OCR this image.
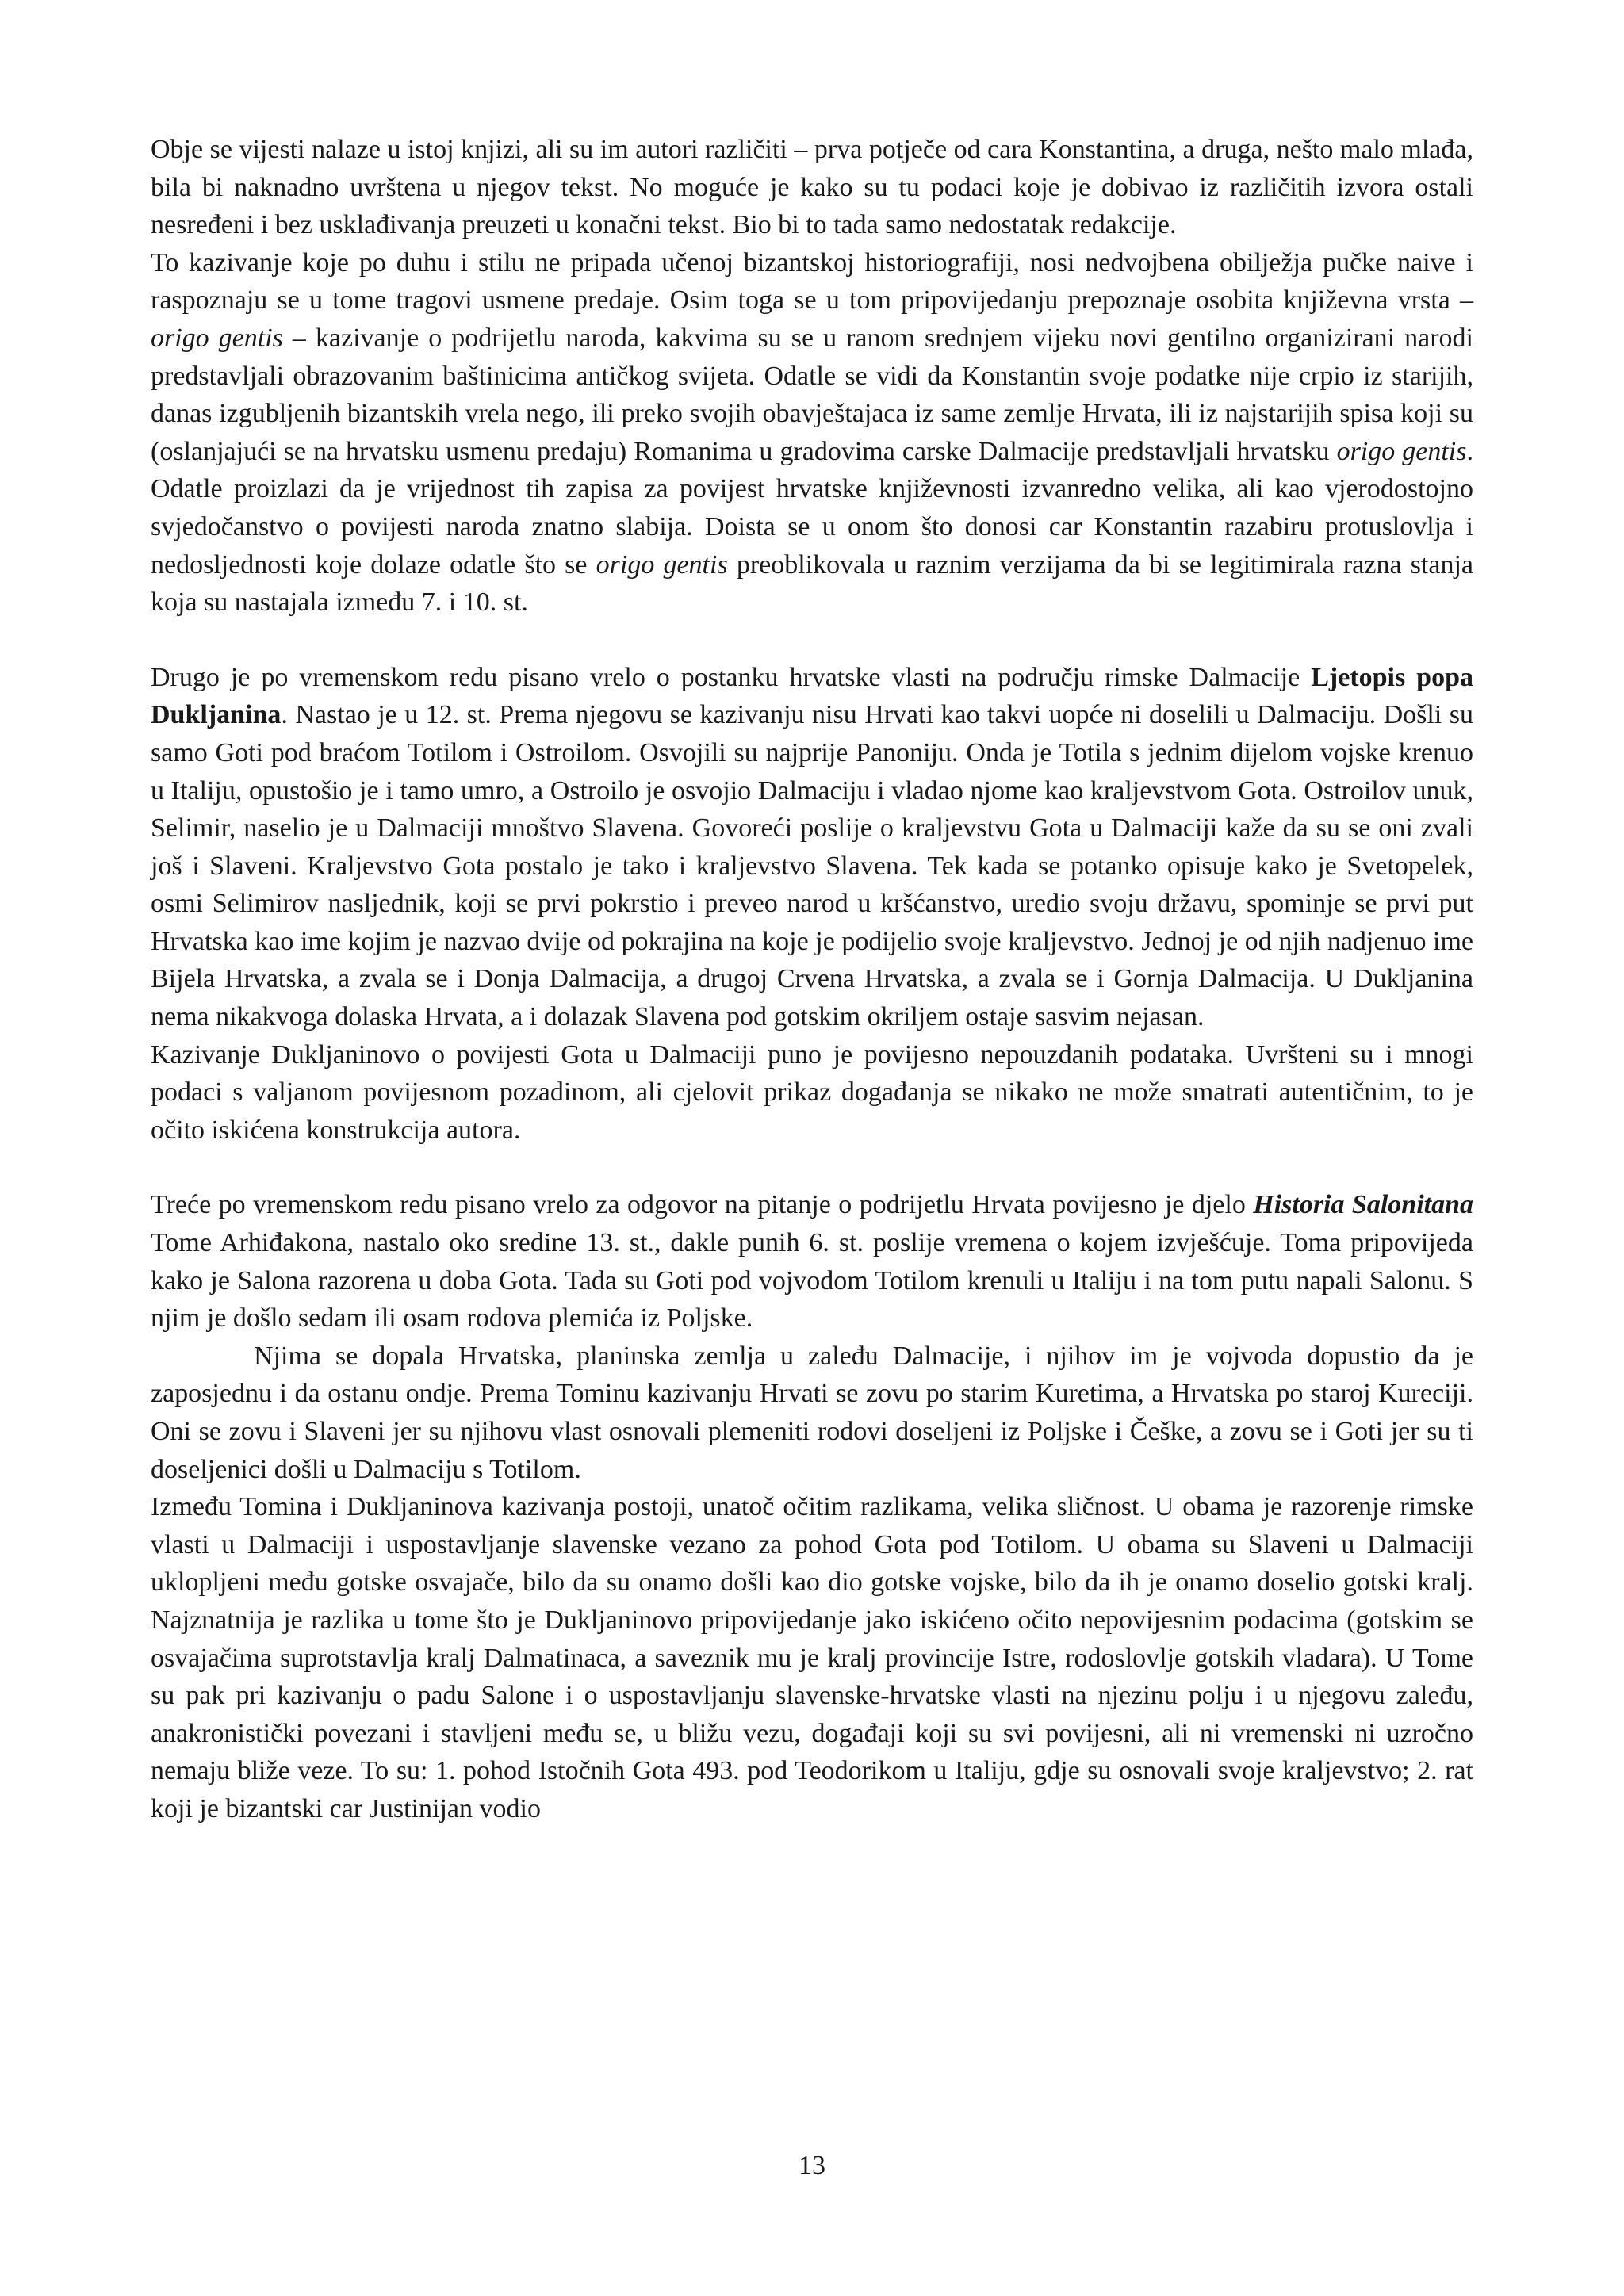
Obje se vijesti nalaze u istoj knjizi, ali su im autori različiti – prva potječe od cara Konstantina, a druga, nešto malo mlađa, bila bi naknadno uvrštena u njegov tekst. No moguće je kako su tu podaci koje je dobivao iz različitih izvora ostali nesređeni i bez usklađivanja preuzeti u konačni tekst. Bio bi to tada samo nedostatak redakcije.

To kazivanje koje po duhu i stilu ne pripada učenoj bizantskoj historiografiji, nosi nedvojbena obilježja pučke naive i raspoznaju se u tome tragovi usmene predaje. Osim toga se u tom pripovijedanju prepoznaje osobita književna vrsta – origo gentis – kazivanje o podrijetlu naroda, kakvima su se u ranom srednjem vijeku novi gentilno organizirani narodi predstavljali obrazovanim baštinicima antičkog svijeta. Odatle se vidi da Konstantin svoje podatke nije crpio iz starijih, danas izgubljenih bizantskih vrela nego, ili preko svojih obavještajaca iz same zemlje Hrvata, ili iz najstarijih spisa koji su (oslanjajući se na hrvatsku usmenu predaju) Romanima u gradovima carske Dalmacije predstavljali hrvatsku origo gentis. Odatle proizlazi da je vrijednost tih zapisa za povijest hrvatske književnosti izvanredno velika, ali kao vjerodostojno svjedočanstvo o povijesti naroda znatno slabija. Doista se u onom što donosi car Konstantin razabiru protuslovlja i nedosljednosti koje dolaze odatle što se origo gentis preoblikovala u raznim verzijama da bi se legitimirala razna stanja koja su nastajala između 7. i 10. st.

Drugo je po vremenskom redu pisano vrelo o postanku hrvatske vlasti na području rimske Dalmacije Ljetopis popa Dukljanina. Nastao je u 12. st. Prema njegovu se kazivanju nisu Hrvati kao takvi uopće ni doselili u Dalmaciju. Došli su samo Goti pod braćom Totilom i Ostroilom. Osvojili su najprije Panoniju. Onda je Totila s jednim dijelom vojske krenuo u Italiju, opustošio je i tamo umro, a Ostroilo je osvojio Dalmaciju i vladao njome kao kraljevstvom Gota. Ostroilov unuk, Selimir, naselio je u Dalmaciji mnoštvo Slavena. Govoreći poslije o kraljevstvu Gota u Dalmaciji kaže da su se oni zvali još i Slaveni. Kraljevstvo Gota postalo je tako i kraljevstvo Slavena. Tek kada se potanko opisuje kako je Svetopelek, osmi Selimirov nasljednik, koji se prvi pokrstio i preveo narod u kršćanstvo, uredio svoju državu, spominje se prvi put Hrvatska kao ime kojim je nazvao dvije od pokrajina na koje je podijelio svoje kraljevstvo. Jednoj je od njih nadjenuo ime Bijela Hrvatska, a zvala se i Donja Dalmacija, a drugoj Crvena Hrvatska, a zvala se i Gornja Dalmacija. U Dukljanina nema nikakvoga dolaska Hrvata, a i dolazak Slavena pod gotskim okriljem ostaje sasvim nejasan.

Kazivanje Dukljaninovo o povijesti Gota u Dalmaciji puno je povijesno nepouzdanih podataka. Uvršteni su i mnogi podaci s valjanom povijesnom pozadinom, ali cjelovit prikaz događanja se nikako ne može smatrati autentičnim, to je očito iskićena konstrukcija autora.

Treće po vremenskom redu pisano vrelo za odgovor na pitanje o podrijetlu Hrvata povijesno je djelo Historia Salonitana Tome Arhiđakona, nastalo oko sredine 13. st., dakle punih 6. st. poslije vremena o kojem izvješćuje. Toma pripovijeda kako je Salona razorena u doba Gota. Tada su Goti pod vojvodom Totilom krenuli u Italiju i na tom putu napali Salonu. S njim je došlo sedam ili osam rodova plemića iz Poljske.

Njima se dopala Hrvatska, planinska zemlja u zaleđu Dalmacije, i njihov im je vojvoda dopustio da je zaposjednu i da ostanu ondje. Prema Tominu kazivanju Hrvati se zovu po starim Kuretima, a Hrvatska po staroj Kureciji. Oni se zovu i Slaveni jer su njihovu vlast osnovali plemeniti rodovi doseljeni iz Poljske i Češke, a zovu se i Goti jer su ti doseljenici došli u Dalmaciju s Totilom.

Između Tomina i Dukljaninova kazivanja postoji, unatoč očitim razlikama, velika sličnost. U obama je razorenje rimske vlasti u Dalmaciji i uspostavljanje slavenske vezano za pohod Gota pod Totilom. U obama su Slaveni u Dalmaciji uklopljeni među gotske osvajače, bilo da su onamo došli kao dio gotske vojske, bilo da ih je onamo doselio gotski kralj. Najznatnija je razlika u tome što je Dukljaninovo pripovijedanje jako iskićeno očito nepovijesnim podacima (gotskim se osvajačima suprotstavlja kralj Dalmatinaca, a saveznik mu je kralj provincije Istre, rodoslovlje gotskih vladara). U Tome su pak pri kazivanju o padu Salone i o uspostavljanju slavenske-hrvatske vlasti na njezinu polju i u njegovu zaleđu, anakronistički povezani i stavljeni među se, u bližu vezu, događaji koji su svi povijesni, ali ni vremenski ni uzročno nemaju bliže veze. To su: 1. pohod Istočnih Gota 493. pod Teodorikom u Italiju, gdje su osnovali svoje kraljevstvo; 2. rat koji je bizantski car Justinijan vodio

13
